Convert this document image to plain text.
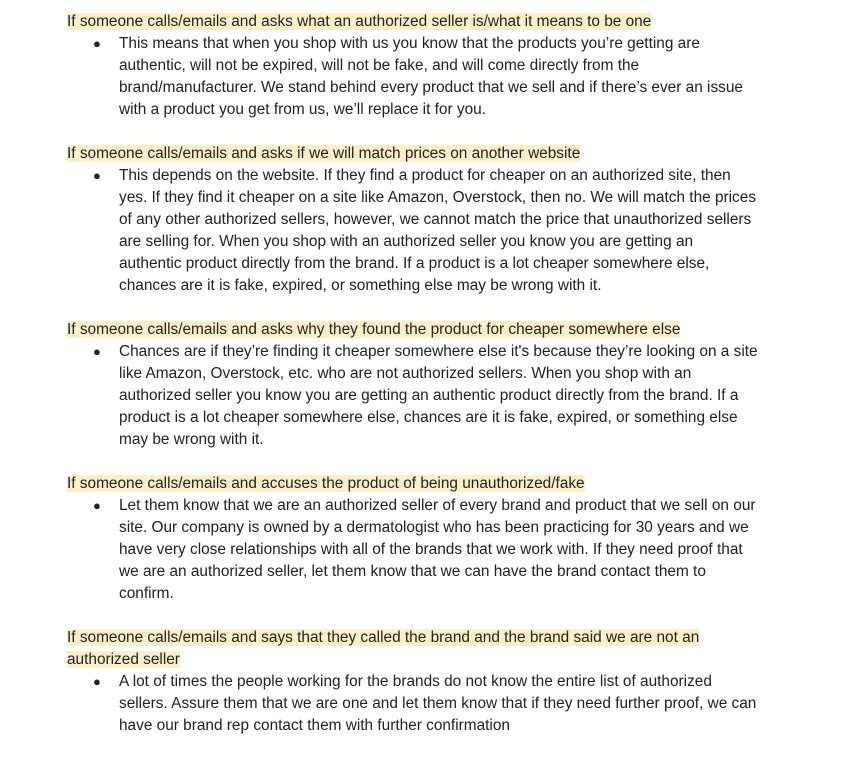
If someone calls/emails and asks what an authorized seller is/what it means to be one

● This means that when you shop with us you know that the products you’re getting are authentic, will not be expired, will not be fake, and will come directly from the brand/manufacturer. We stand behind every product that we sell and if there’s ever an issue with a product you get from us, we’ll replace it for you.

If someone calls/emails and asks if we will match prices on another website

● This depends on the website. If they find a product for cheaper on an authorized site, then yes. If they find it cheaper on a site like Amazon, Overstock, then no. We will match the prices of any other authorized sellers, however, we cannot match the price that unauthorized sellers are selling for. When you shop with an authorized seller you know you are getting an authentic product directly from the brand. If a product is a lot cheaper somewhere else, chances are it is fake, expired, or something else may be wrong with it.

If someone calls/emails and asks why they found the product for cheaper somewhere else

● Chances are if they’re finding it cheaper somewhere else it's because they’re looking on a site like Amazon, Overstock, etc. who are not authorized sellers. When you shop with an authorized seller you know you are getting an authentic product directly from the brand. If a product is a lot cheaper somewhere else, chances are it is fake, expired, or something else may be wrong with it.

If someone calls/emails and accuses the product of being unauthorized/fake

● Let them know that we are an authorized seller of every brand and product that we sell on our site. Our company is owned by a dermatologist who has been practicing for 30 years and we have very close relationships with all of the brands that we work with. If they need proof that we are an authorized seller, let them know that we can have the brand contact them to confirm.

If someone calls/emails and says that they called the brand and the brand said we are not an authorized seller

● A lot of times the people working for the brands do not know the entire list of authorized sellers. Assure them that we are one and let them know that if they need further proof, we can have our brand rep contact them with further confirmation
